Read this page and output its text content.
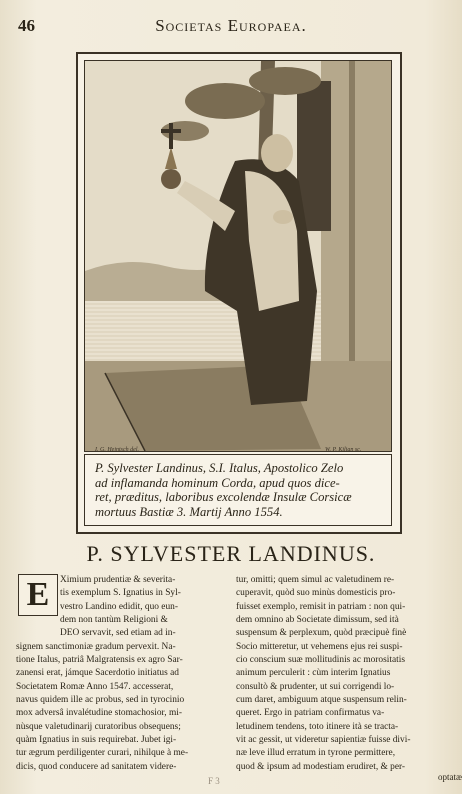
46	Societas Europaea.
I. G. Heintsch del.	W. P. Kilian sc.
P. Sylvester Landinus, S.I. Italus, Apostolico Zelo
ad inflamanda hominum Corda, apud quos dice-
ret, præditus, laboribus excolendæ Insulæ Corsicæ
mortuus Bastiæ 3. Martij Anno 1554.
P. SYLVESTER LANDINUS.
E	Ximium prudentiæ & severita-
tis exemplum S. Ignatius in Syl-
vestro Landino edidit, quo eun-
dem non tantùm Religioni &
DEO servavit, sed etiam ad in-
signem sanctimoniæ gradum pervexit. Na-
tione Italus, patriâ Malgratensis ex agro Sar-
zanensi erat, jámque Sacerdotio initiatus ad
Societatem Romæ Anno 1547. accesserat,
navus quidem ille ac probus, sed in tyrocinio
mox adversâ invalétudine stomachosior, mi-
nùsque valetudinarij curatoribus obsequens;
quàm Ignatius in suis requirebat. Jubet igi-
tur ægrum perdiligenter curari, nihilque à me-
dicis, quod conducere ad sanitatem videre-
tur, omitti; quem simul ac valetudinem re-
cuperavit, quòd suo minùs domesticis pro-
fuisset exemplo, remisit in patriam : non qui-
dem omnino ab Societate dimissum, sed ità
suspensum & perplexum, quòd præcipuè finè
Socio mitteretur, ut vehemens ejus rei suspi-
cio conscium suæ mollitudinis ac morositatis
animum perculerit : cùm interim Ignatius
consultò & prudenter, ut sui corrigendi lo-
cum daret, ambiguum atque suspensum relin-
queret. Ergo in patriam confirmatus va-
letudinem tendens, toto itinere ità se tracta-
vit ac gessit, ut videretur sapientiæ fuisse divi-
næ leve illud erratum in tyrone permittere,
quod & ipsum ad modestiam erudiret, & per-
F 3	optatæ
